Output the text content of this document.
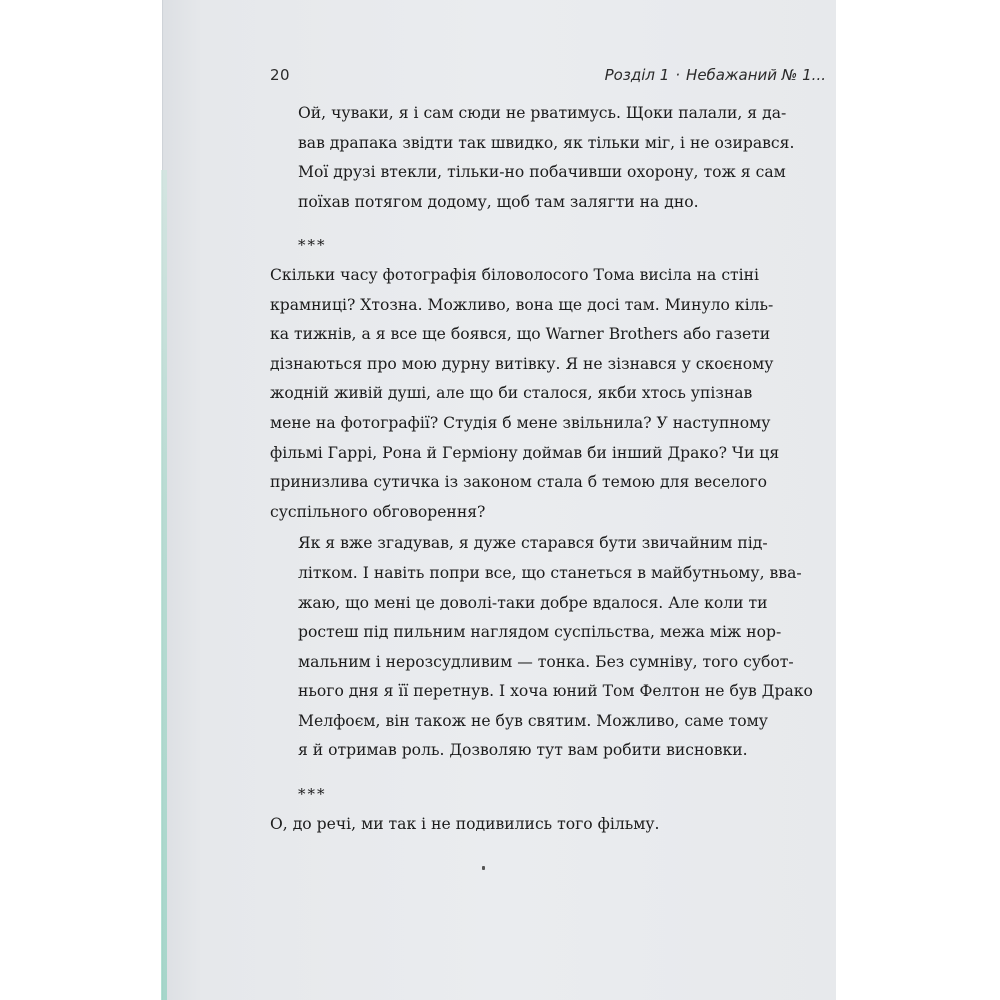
20	Розділ 1 · Небажаний № 1...

Ой, чуваки, я і сам сюди не рватимусь. Щоки палали, я да-
вав драпака звідти так швидко, як тільки міг, і не озирався.
Мої друзі втекли, тільки-но побачивши охорону, тож я сам
поїхав потягом додому, щоб там залягти на дно.

***

Скільки часу фотографія біловолосого Тома висіла на стіні
крамниці? Хтозна. Можливо, вона ще досі там. Минуло кіль-
ка тижнів, а я все ще боявся, що Warner Brothers або газети
дізнаються про мою дурну витівку. Я не зізнався у скоєному
жодній живій душі, але що би сталося, якби хтось упізнав
мене на фотографії? Студія б мене звільнила? У наступному
фільмі Гаррі, Рона й Герміону доймав би інший Драко? Чи ця
принизлива сутичка із законом стала б темою для веселого
суспільного обговорення?

Як я вже згадував, я дуже старався бути звичайним під-
літком. І навіть попри все, що станеться в майбутньому, вва-
жаю, що мені це доволі-таки добре вдалося. Але коли ти
ростеш під пильним наглядом суспільства, межа між нор-
мальним і нерозсудливим — тонка. Без сумніву, того субот-
нього дня я її перетнув. І хоча юний Том Фелтон не був Драко
Мелфоєм, він також не був святим. Можливо, саме тому
я й отримав роль. Дозволяю тут вам робити висновки.

***

О, до речі, ми так і не подивились того фільму.
